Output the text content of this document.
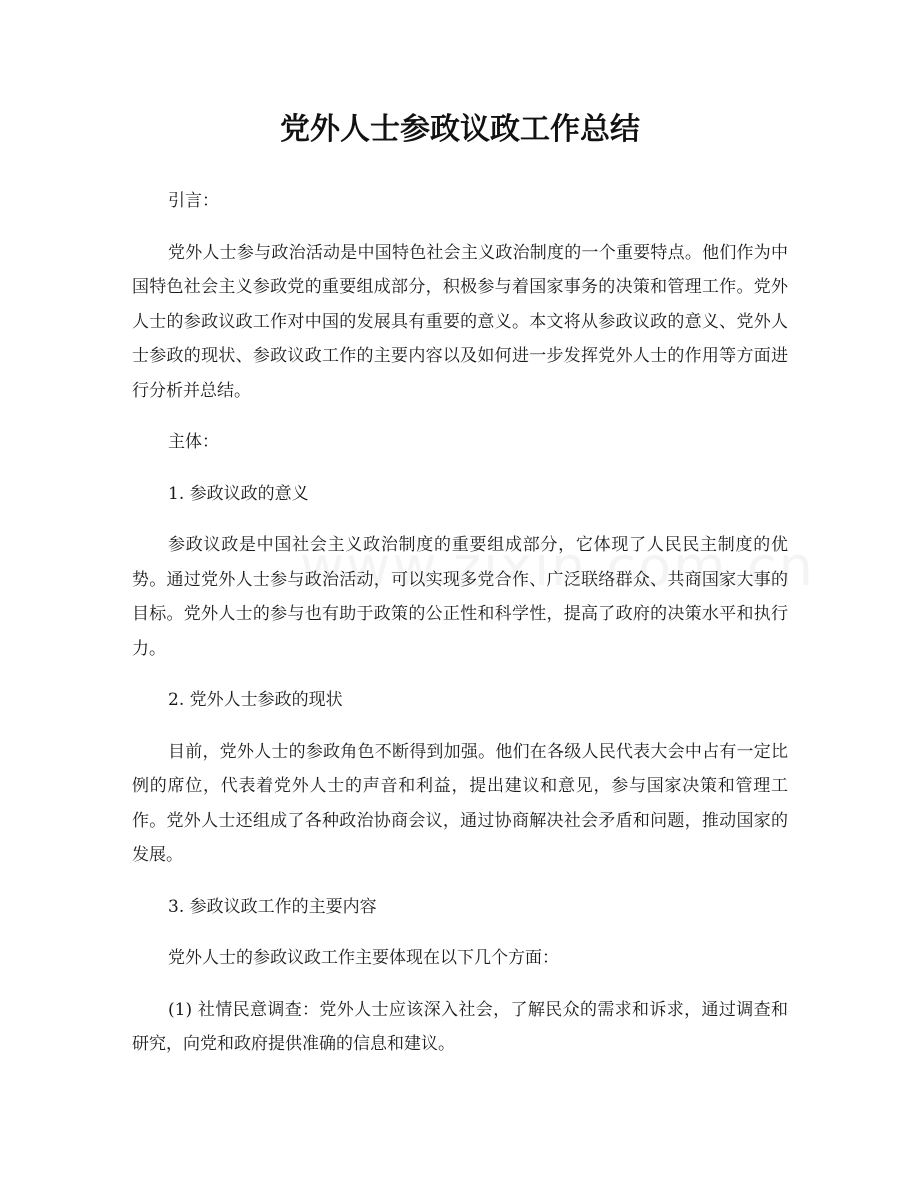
党外人士参政议政工作总结

引言：

党外人士参与政治活动是中国特色社会主义政治制度的一个重要特点。他们作为中国特色社会主义参政党的重要组成部分，积极参与着国家事务的决策和管理工作。党外人士的参政议政工作对中国的发展具有重要的意义。本文将从参政议政的意义、党外人士参政的现状、参政议政工作的主要内容以及如何进一步发挥党外人士的作用等方面进行分析并总结。

主体：

1. 参政议政的意义

参政议政是中国社会主义政治制度的重要组成部分，它体现了人民民主制度的优势。通过党外人士参与政治活动，可以实现多党合作、广泛联络群众、共商国家大事的目标。党外人士的参与也有助于政策的公正性和科学性，提高了政府的决策水平和执行力。

2. 党外人士参政的现状

目前，党外人士的参政角色不断得到加强。他们在各级人民代表大会中占有一定比例的席位，代表着党外人士的声音和利益，提出建议和意见，参与国家决策和管理工作。党外人士还组成了各种政治协商会议，通过协商解决社会矛盾和问题，推动国家的发展。

3. 参政议政工作的主要内容

党外人士的参政议政工作主要体现在以下几个方面：

(1) 社情民意调查：党外人士应该深入社会，了解民众的需求和诉求，通过调查和研究，向党和政府提供准确的信息和建议。
